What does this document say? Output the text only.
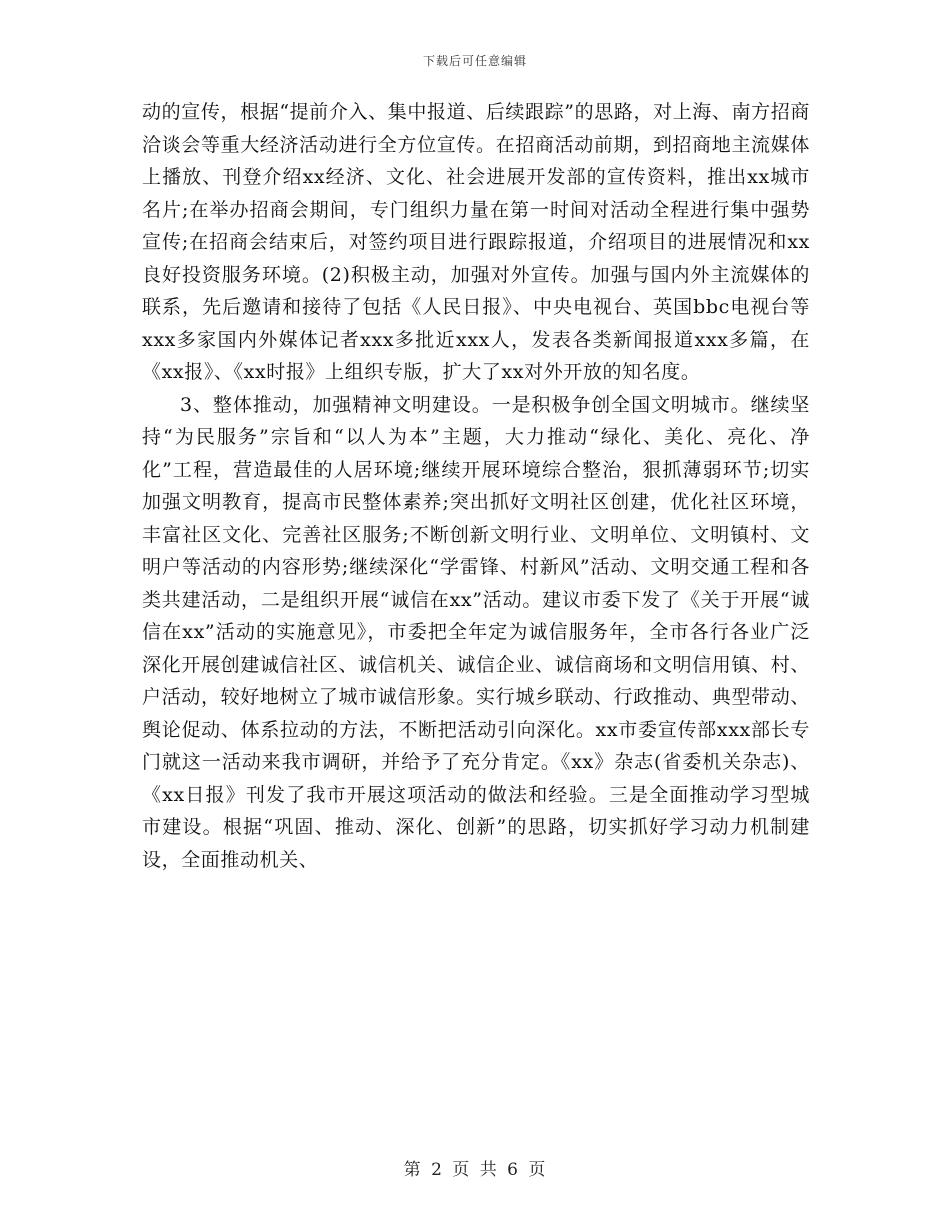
下载后可任意编辑

动的宣传，根据“提前介入、集中报道、后续跟踪”的思路，对上海、南方招商洽谈会等重大经济活动进行全方位宣传。在招商活动前期，到招商地主流媒体上播放、刊登介绍xx经济、文化、社会进展开发部的宣传资料，推出xx城市名片;在举办招商会期间，专门组织力量在第一时间对活动全程进行集中强势宣传;在招商会结束后，对签约项目进行跟踪报道，介绍项目的进展情况和xx良好投资服务环境。(2)积极主动，加强对外宣传。加强与国内外主流媒体的联系，先后邀请和接待了包括《人民日报》、中央电视台、英国bbc电视台等xxx多家国内外媒体记者xxx多批近xxx人，发表各类新闻报道xxx多篇，在《xx报》、《xx时报》上组织专版，扩大了xx对外开放的知名度。

3、整体推动，加强精神文明建设。一是积极争创全国文明城市。继续坚持“为民服务”宗旨和“以人为本”主题，大力推动“绿化、美化、亮化、净化”工程，营造最佳的人居环境;继续开展环境综合整治，狠抓薄弱环节;切实加强文明教育，提高市民整体素养;突出抓好文明社区创建，优化社区环境，丰富社区文化、完善社区服务;不断创新文明行业、文明单位、文明镇村、文明户等活动的内容形势;继续深化“学雷锋、村新风”活动、文明交通工程和各类共建活动，二是组织开展“诚信在xx”活动。建议市委下发了《关于开展“诚信在xx”活动的实施意见》，市委把全年定为诚信服务年，全市各行各业广泛深化开展创建诚信社区、诚信机关、诚信企业、诚信商场和文明信用镇、村、户活动，较好地树立了城市诚信形象。实行城乡联动、行政推动、典型带动、舆论促动、体系拉动的方法，不断把活动引向深化。xx市委宣传部xxx部长专门就这一活动来我市调研，并给予了充分肯定。《xx》杂志(省委机关杂志)、《xx日报》刊发了我市开展这项活动的做法和经验。三是全面推动学习型城市建设。根据“巩固、推动、深化、创新”的思路，切实抓好学习动力机制建设，全面推动机关、

第 2 页 共 6 页
